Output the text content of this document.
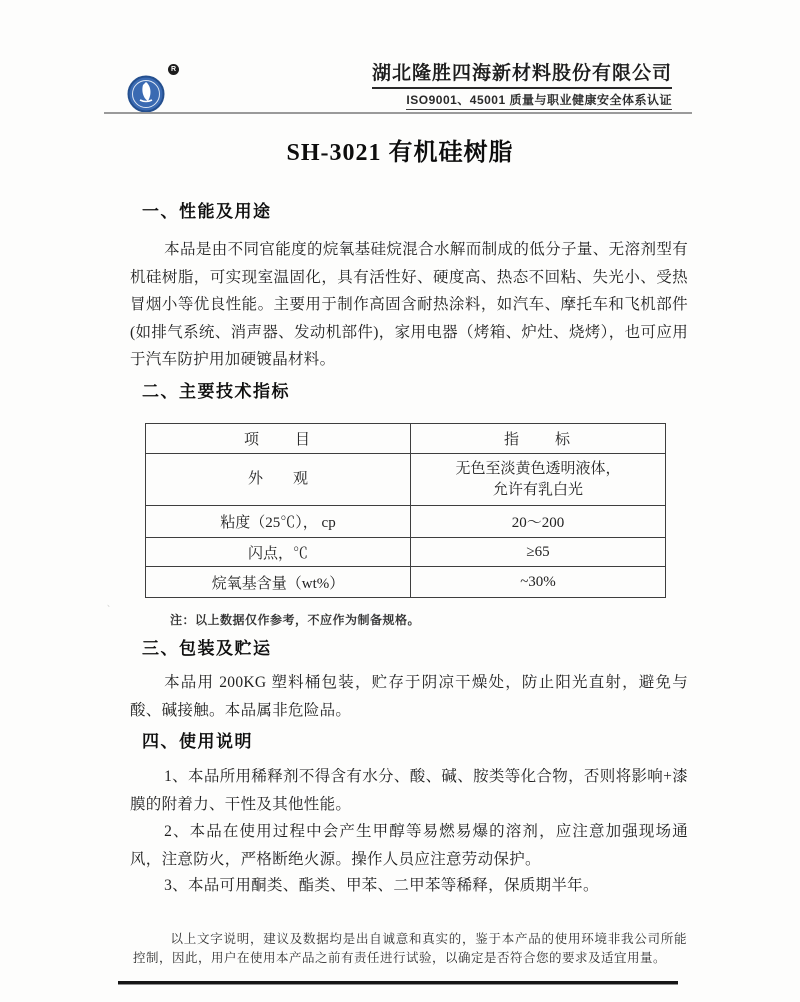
R	湖北隆胜四海新材料股份有限公司
ISO9001、45001 质量与职业健康安全体系认证
SH-3021 有机硅树脂
一、性能及用途
本品是由不同官能度的烷氧基硅烷混合水解而制成的低分子量、无溶剂型有机硅树脂，可实现室温固化，具有活性好、硬度高、热态不回粘、失光小、受热冒烟小等优良性能。主要用于制作高固含耐热涂料，如汽车、摩托车和飞机部件(如排气系统、消声器、发动机部件)，家用电器（烤箱、炉灶、烧烤），也可应用于汽车防护用加硬镀晶材料。
二、主要技术指标
项　　目	指　　标
外　　观	无色至淡黄色透明液体，
允许有乳白光

粘度（25℃）， cp	20～200
闪点，℃	≥65
烷氧基含量（wt%）	~30%
注：以上数据仅作参考，不应作为制备规格。
三、包装及贮运
本品用 200KG 塑料桶包装，贮存于阴凉干燥处，防止阳光直射，避免与酸、碱接触。本品属非危险品。
四、使用说明
1、本品所用稀释剂不得含有水分、酸、碱、胺类等化合物，否则将影响+漆膜的附着力、干性及其他性能。
2、本品在使用过程中会产生甲醇等易燃易爆的溶剂，应注意加强现场通风，注意防火，严格断绝火源。操作人员应注意劳动保护。
3、本品可用酮类、酯类、甲苯、二甲苯等稀释，保质期半年。
以上文字说明，建议及数据均是出自诚意和真实的，鉴于本产品的使用环境非我公司所能控制，因此，用户在使用本产品之前有责任进行试验，以确定是否符合您的要求及适宜用量。
﹑
